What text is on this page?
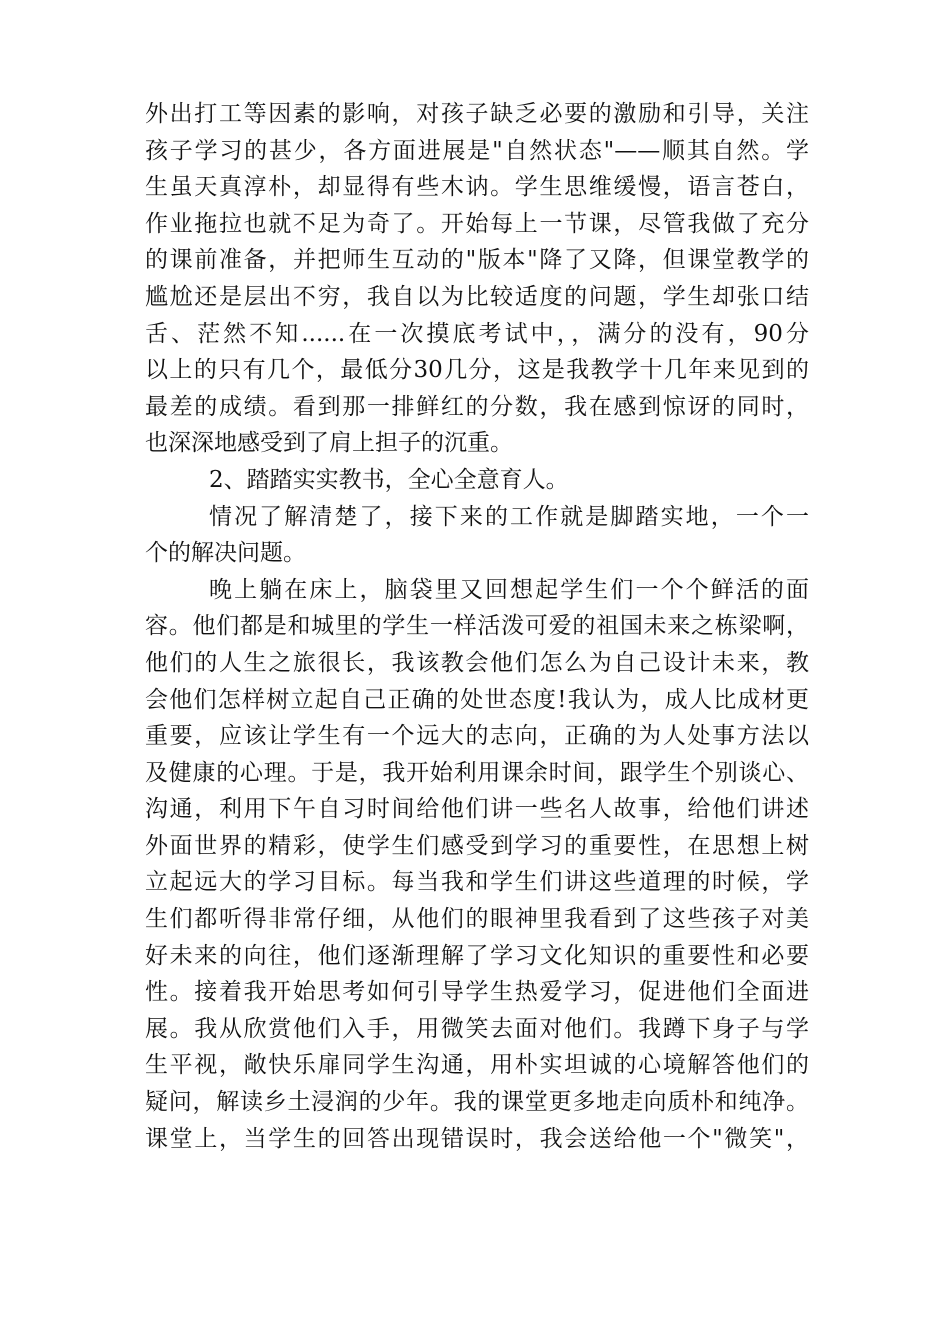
外出打工等因素的影响，对孩子缺乏必要的激励和引导，关注

孩子学习的甚少，各方面进展是"自然状态"——顺其自然。学

生虽天真淳朴，却显得有些木讷。学生思维缓慢，语言苍白，

作业拖拉也就不足为奇了。开始每上一节课，尽管我做了充分

的课前准备，并把师生互动的"版本"降了又降，但课堂教学的

尴尬还是层出不穷，我自以为比较适度的问题，学生却张口结

舌、茫然不知......在一次摸底考试中，，满分的没有，90分

以上的只有几个，最低分30几分，这是我教学十几年来见到的

最差的成绩。看到那一排鲜红的分数，我在感到惊讶的同时，

也深深地感受到了肩上担子的沉重。

2、踏踏实实教书，全心全意育人。

情况了解清楚了，接下来的工作就是脚踏实地，一个一

个的解决问题。

晚上躺在床上，脑袋里又回想起学生们一个个鲜活的面

容。他们都是和城里的学生一样活泼可爱的祖国未来之栋梁啊，

他们的人生之旅很长，我该教会他们怎么为自己设计未来，教

会他们怎样树立起自己正确的处世态度!我认为，成人比成材更

重要，应该让学生有一个远大的志向，正确的为人处事方法以

及健康的心理。于是，我开始利用课余时间，跟学生个别谈心、

沟通，利用下午自习时间给他们讲一些名人故事，给他们讲述

外面世界的精彩，使学生们感受到学习的重要性，在思想上树

立起远大的学习目标。每当我和学生们讲这些道理的时候，学

生们都听得非常仔细，从他们的眼神里我看到了这些孩子对美

好未来的向往，他们逐渐理解了学习文化知识的重要性和必要

性。接着我开始思考如何引导学生热爱学习，促进他们全面进

展。我从欣赏他们入手，用微笑去面对他们。我蹲下身子与学

生平视，敞快乐扉同学生沟通，用朴实坦诚的心境解答他们的

疑问，解读乡土浸润的少年。我的课堂更多地走向质朴和纯净。

课堂上，当学生的回答出现错误时，我会送给他一个"微笑"，
